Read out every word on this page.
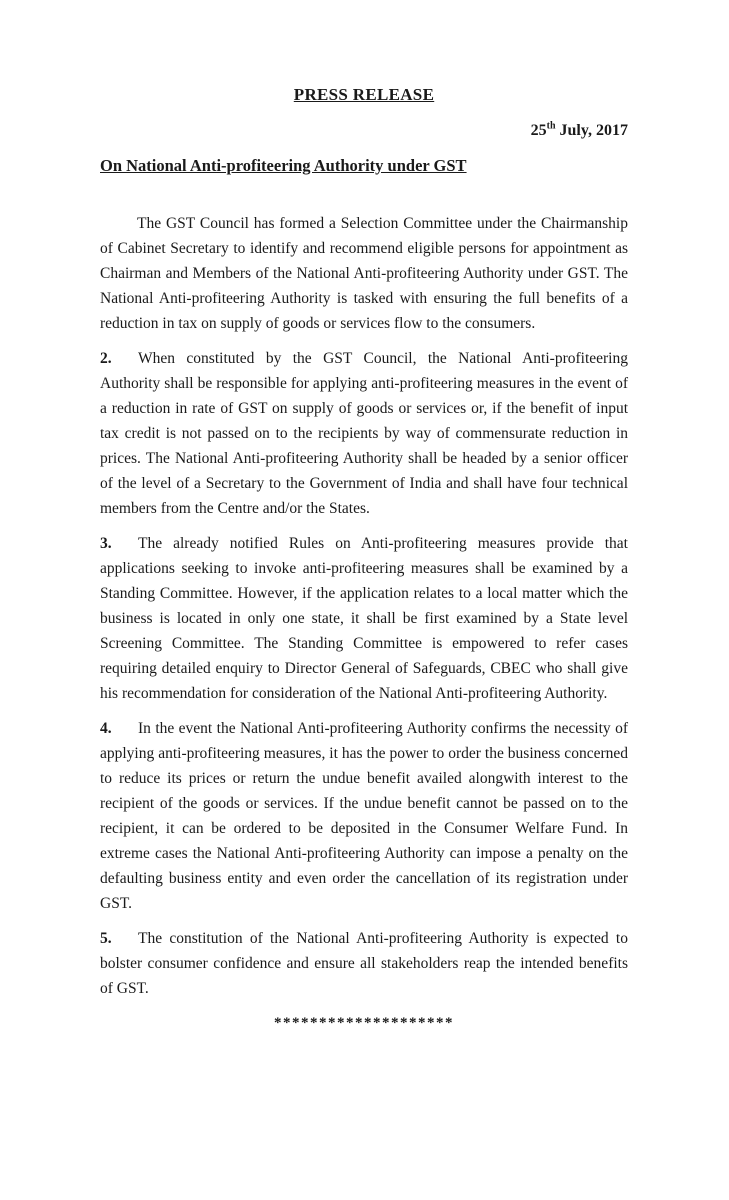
PRESS RELEASE
25th July, 2017
On National Anti-profiteering Authority under GST

The GST Council has formed a Selection Committee under the Chairmanship of Cabinet Secretary to identify and recommend eligible persons for appointment as Chairman and Members of the National Anti-profiteering Authority under GST. The National Anti-profiteering Authority is tasked with ensuring the full benefits of a reduction in tax on supply of goods or services flow to the consumers.

2. When constituted by the GST Council, the National Anti-profiteering Authority shall be responsible for applying anti-profiteering measures in the event of a reduction in rate of GST on supply of goods or services or, if the benefit of input tax credit is not passed on to the recipients by way of commensurate reduction in prices. The National Anti-profiteering Authority shall be headed by a senior officer of the level of a Secretary to the Government of India and shall have four technical members from the Centre and/or the States.

3. The already notified Rules on Anti-profiteering measures provide that applications seeking to invoke anti-profiteering measures shall be examined by a Standing Committee. However, if the application relates to a local matter which the business is located in only one state, it shall be first examined by a State level Screening Committee. The Standing Committee is empowered to refer cases requiring detailed enquiry to Director General of Safeguards, CBEC who shall give his recommendation for consideration of the National Anti-profiteering Authority.

4. In the event the National Anti-profiteering Authority confirms the necessity of applying anti-profiteering measures, it has the power to order the business concerned to reduce its prices or return the undue benefit availed alongwith interest to the recipient of the goods or services. If the undue benefit cannot be passed on to the recipient, it can be ordered to be deposited in the Consumer Welfare Fund. In extreme cases the National Anti-profiteering Authority can impose a penalty on the defaulting business entity and even order the cancellation of its registration under GST.

5. The constitution of the National Anti-profiteering Authority is expected to bolster consumer confidence and ensure all stakeholders reap the intended benefits of GST.

********************
